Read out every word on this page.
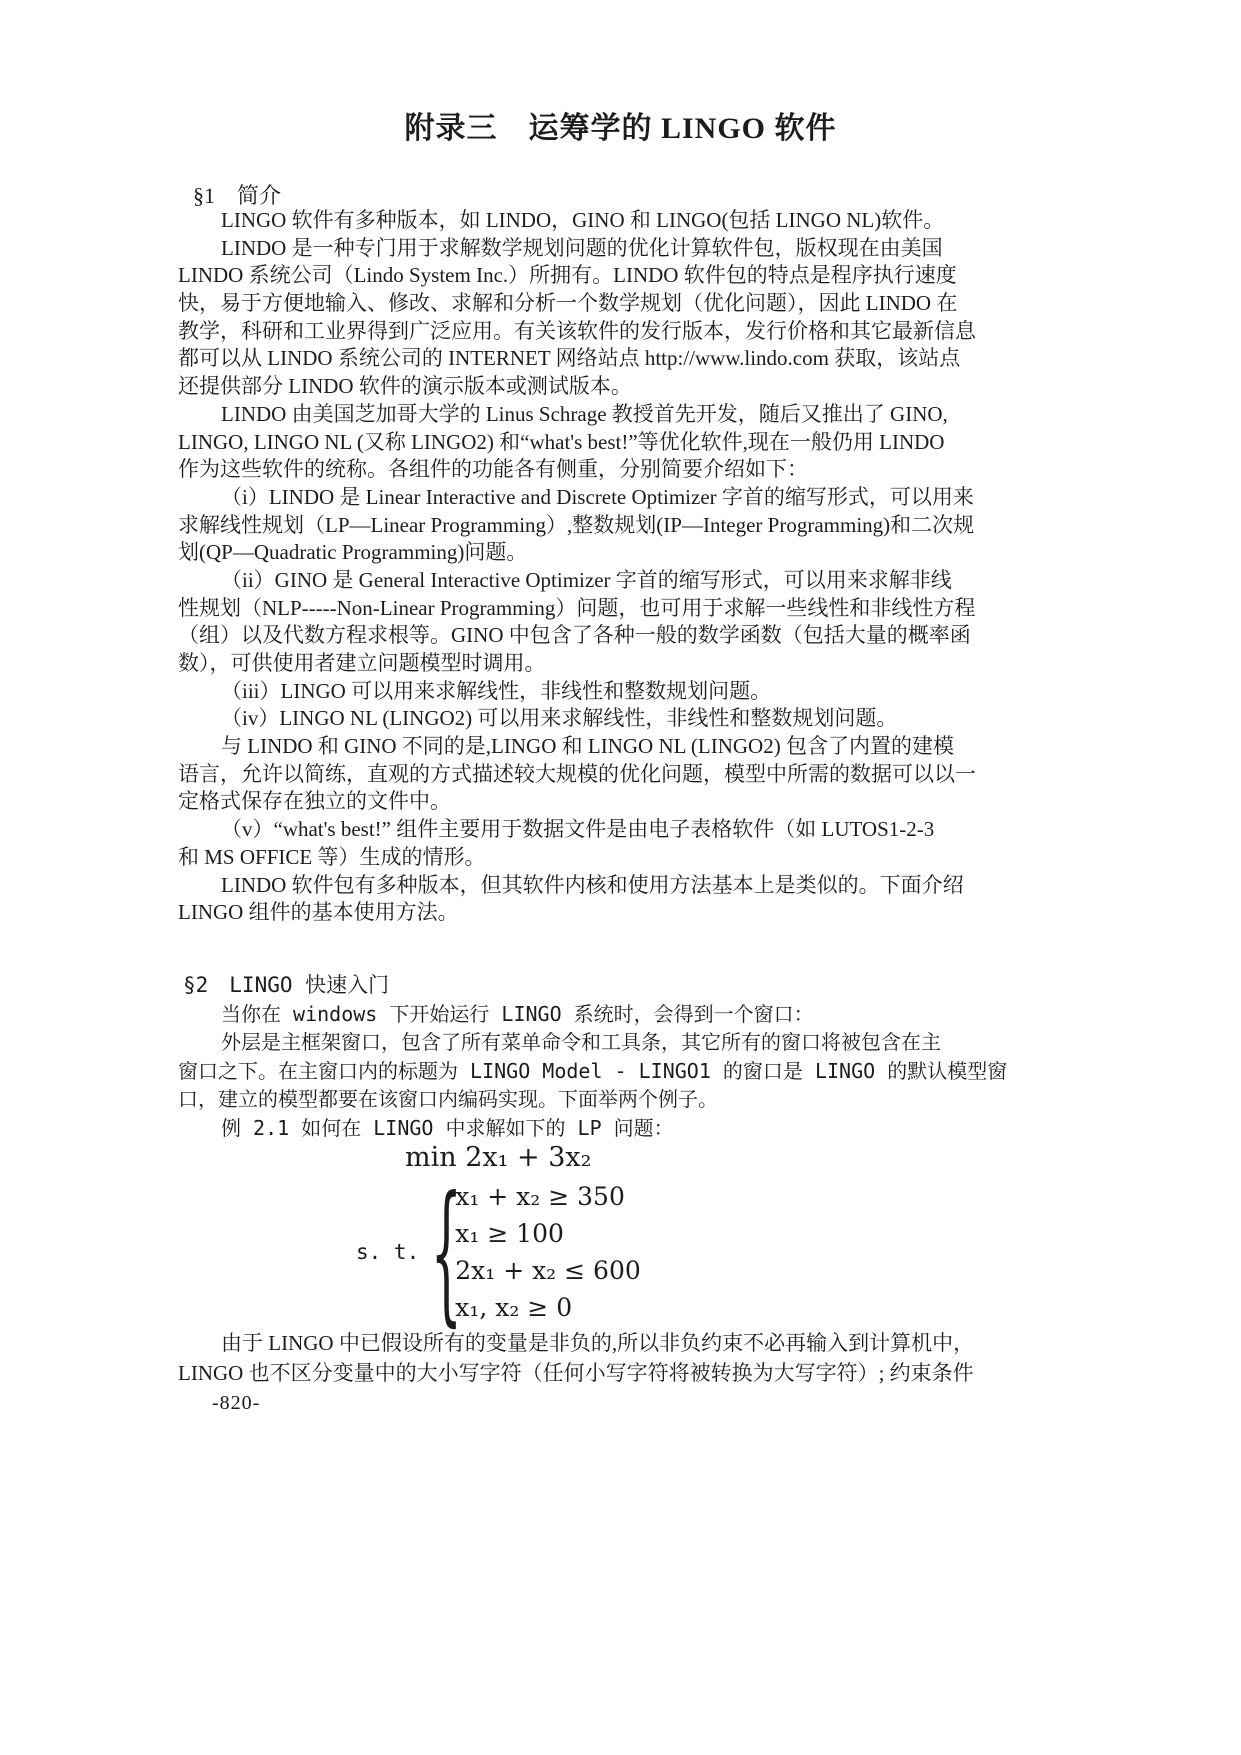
附录三　运筹学的 LINGO 软件
§1　简介
LINGO 软件有多种版本，如 LINDO，GINO 和 LINGO(包括 LINGO NL)软件。
LINDO 是一种专门用于求解数学规划问题的优化计算软件包，版权现在由美国
LINDO 系统公司（Lindo System Inc.）所拥有。LINDO 软件包的特点是程序执行速度
快，易于方便地输入、修改、求解和分析一个数学规划（优化问题），因此 LINDO 在
教学，科研和工业界得到广泛应用。有关该软件的发行版本，发行价格和其它最新信息
都可以从 LINDO 系统公司的 INTERNET 网络站点 http://www.lindo.com 获取，该站点
还提供部分 LINDO 软件的演示版本或测试版本。
LINDO 由美国芝加哥大学的 Linus Schrage 教授首先开发，随后又推出了 GINO,
LINGO, LINGO NL (又称 LINGO2) 和“what's best!”等优化软件,现在一般仍用 LINDO
作为这些软件的统称。各组件的功能各有侧重，分别简要介绍如下：
（i）LINDO 是 Linear Interactive and Discrete Optimizer 字首的缩写形式，可以用来
求解线性规划（LP—Linear Programming）,整数规划(IP—Integer Programming)和二次规
划(QP—Quadratic Programming)问题。
（ii）GINO 是 General Interactive Optimizer 字首的缩写形式，可以用来求解非线
性规划（NLP-----Non-Linear Programming）问题，也可用于求解一些线性和非线性方程
（组）以及代数方程求根等。GINO 中包含了各种一般的数学函数（包括大量的概率函
数），可供使用者建立问题模型时调用。
（iii）LINGO 可以用来求解线性，非线性和整数规划问题。
（iv）LINGO NL (LINGO2) 可以用来求解线性，非线性和整数规划问题。
与 LINDO 和 GINO 不同的是,LINGO 和 LINGO NL (LINGO2) 包含了内置的建模
语言，允许以简练，直观的方式描述较大规模的优化问题，模型中所需的数据可以以一
定格式保存在独立的文件中。
（v）“what's best!” 组件主要用于数据文件是由电子表格软件（如 LUTOS1-2-3
和 MS OFFICE 等）生成的情形。
LINDO 软件包有多种版本，但其软件内核和使用方法基本上是类似的。下面介绍
LINGO 组件的基本使用方法。
§2　LINGO 快速入门
当你在 windows 下开始运行 LINGO 系统时，会得到一个窗口：
外层是主框架窗口，包含了所有菜单命令和工具条，其它所有的窗口将被包含在主
窗口之下。在主窗口内的标题为 LINGO Model - LINGO1 的窗口是 LINGO 的默认模型窗
口，建立的模型都要在该窗口内编码实现。下面举两个例子。
例 2.1 如何在 LINGO 中求解如下的 LP 问题：
min 2x₁ + 3x₂
s. t. {
x₁ + x₂ ≥ 350
x₁ ≥ 100
2x₁ + x₂ ≤ 600
x₁, x₂ ≥ 0
由于 LINGO 中已假设所有的变量是非负的,所以非负约束不必再输入到计算机中，
LINGO 也不区分变量中的大小写字符（任何小写字符将被转换为大写字符）; 约束条件
-820-
